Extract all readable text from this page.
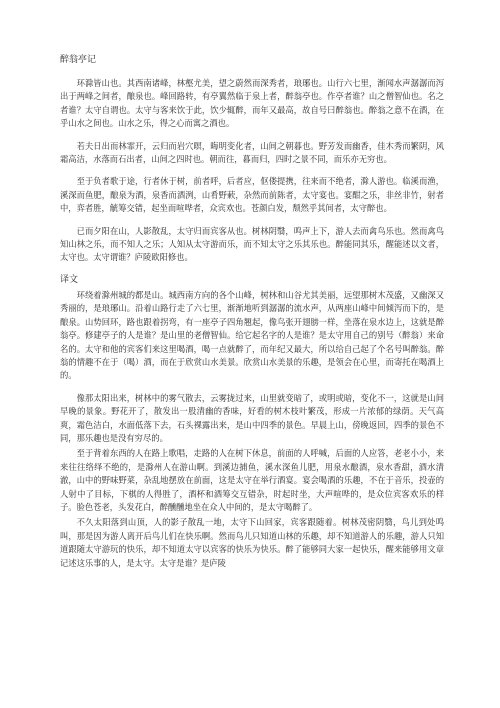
醉翁亭记

环滁皆山也。其西南诸峰，林壑尤美，望之蔚然而深秀者，琅琊也。山行六七里，渐闻水声潺潺而泻出于两峰之间者，酿泉也。峰回路转，有亭翼然临于泉上者，醉翁亭也。作亭者谁？山之僧智仙也。名之者谁？太守自谓也。太守与客来饮于此，饮少辄醉，而年又最高，故自号曰醉翁也。醉翁之意不在酒，在乎山水之间也。山水之乐，得之心而寓之酒也。

若夫日出而林霏开，云归而岩穴暝，晦明变化者，山间之朝暮也。野芳发而幽香，佳木秀而繁阴，风霜高洁，水落而石出者，山间之四时也。朝而往，暮而归，四时之景不同，而乐亦无穷也。

至于负者歌于途，行者休于树，前者呼，后者应，伛偻提携，往来而不绝者，滁人游也。临溪而渔，溪深而鱼肥，酿泉为酒，泉香而酒洌，山肴野蔌，杂然而前陈者，太守宴也。宴酣之乐，非丝非竹，射者中，弈者胜，觥筹交错，起坐而喧哗者，众宾欢也。苍颜白发，颓然乎其间者，太守醉也。

已而夕阳在山，人影散乱，太守归而宾客从也。树林阴翳，鸣声上下，游人去而禽鸟乐也。然而禽鸟知山林之乐，而不知人之乐；人知从太守游而乐，而不知太守之乐其乐也。醉能同其乐，醒能述以文者，太守也。太守谓谁？庐陵欧阳修也。

译文

环绕着滁州城的都是山。城西南方向的各个山峰，树林和山谷尤其美丽，远望那树木茂盛，又幽深又秀丽的，是琅琊山。沿着山路行走了六七里，渐渐地听到潺潺的流水声，从两座山峰中间倾泻而下的，是酿泉。山势回环，路也跟着拐弯，有一座亭子四角翘起，像鸟张开翅膀一样，坐落在泉水边上，这就是醉翁亭。修建亭子的人是谁？是山里的老僧智仙。给它起名字的人是谁？是太守用自己的别号（醉翁）来命名的。太守和他的宾客们来这里喝酒，喝一点就醉了，而年纪又最大，所以给自己起了个名号叫醉翁。醉翁的情趣不在于（喝）酒，而在于欣赏山水美景。欣赏山水美景的乐趣，是领会在心里，而寄托在喝酒上的。

像那太阳出来，树林中的雾气散去，云雾拢过来，山里就变暗了，或明或暗，变化不一，这就是山间早晚的景象。野花开了，散发出一股清幽的香味，好看的树木枝叶繁茂，形成一片浓郁的绿荫。天气高爽，霜色洁白，水面低落下去，石头裸露出来，是山中四季的景色。早晨上山，傍晚返回，四季的景色不同，那乐趣也是没有穷尽的。

至于背着东西的人在路上歌唱，走路的人在树下休息，前面的人呼喊，后面的人应答，老老小小，来来往往络绎不绝的，是滁州人在游山啊。到溪边捕鱼，溪水深鱼儿肥，用泉水酿酒，泉水香甜，酒水清澈，山中的野味野菜，杂乱地摆放在前面，这是太守在举行酒宴。宴会喝酒的乐趣，不在于音乐，投壶的人射中了目标，下棋的人得胜了，酒杯和酒筹交互错杂，时起时坐，大声喧哗的，是众位宾客欢乐的样子。脸色苍老，头发花白，醉醺醺地坐在众人中间的，是太守喝醉了。

不久太阳落到山顶，人的影子散乱一地，太守下山回家，宾客跟随着。树林茂密阴翳，鸟儿到处鸣叫，那是因为游人离开后鸟儿们在快乐啊。然而鸟儿只知道山林的乐趣，却不知道游人的乐趣，游人只知道跟随太守游玩的快乐，却不知道太守以宾客的快乐为快乐。醉了能够同大家一起快乐，醒来能够用文章记述这乐事的人，是太守。太守是谁？是庐陵
